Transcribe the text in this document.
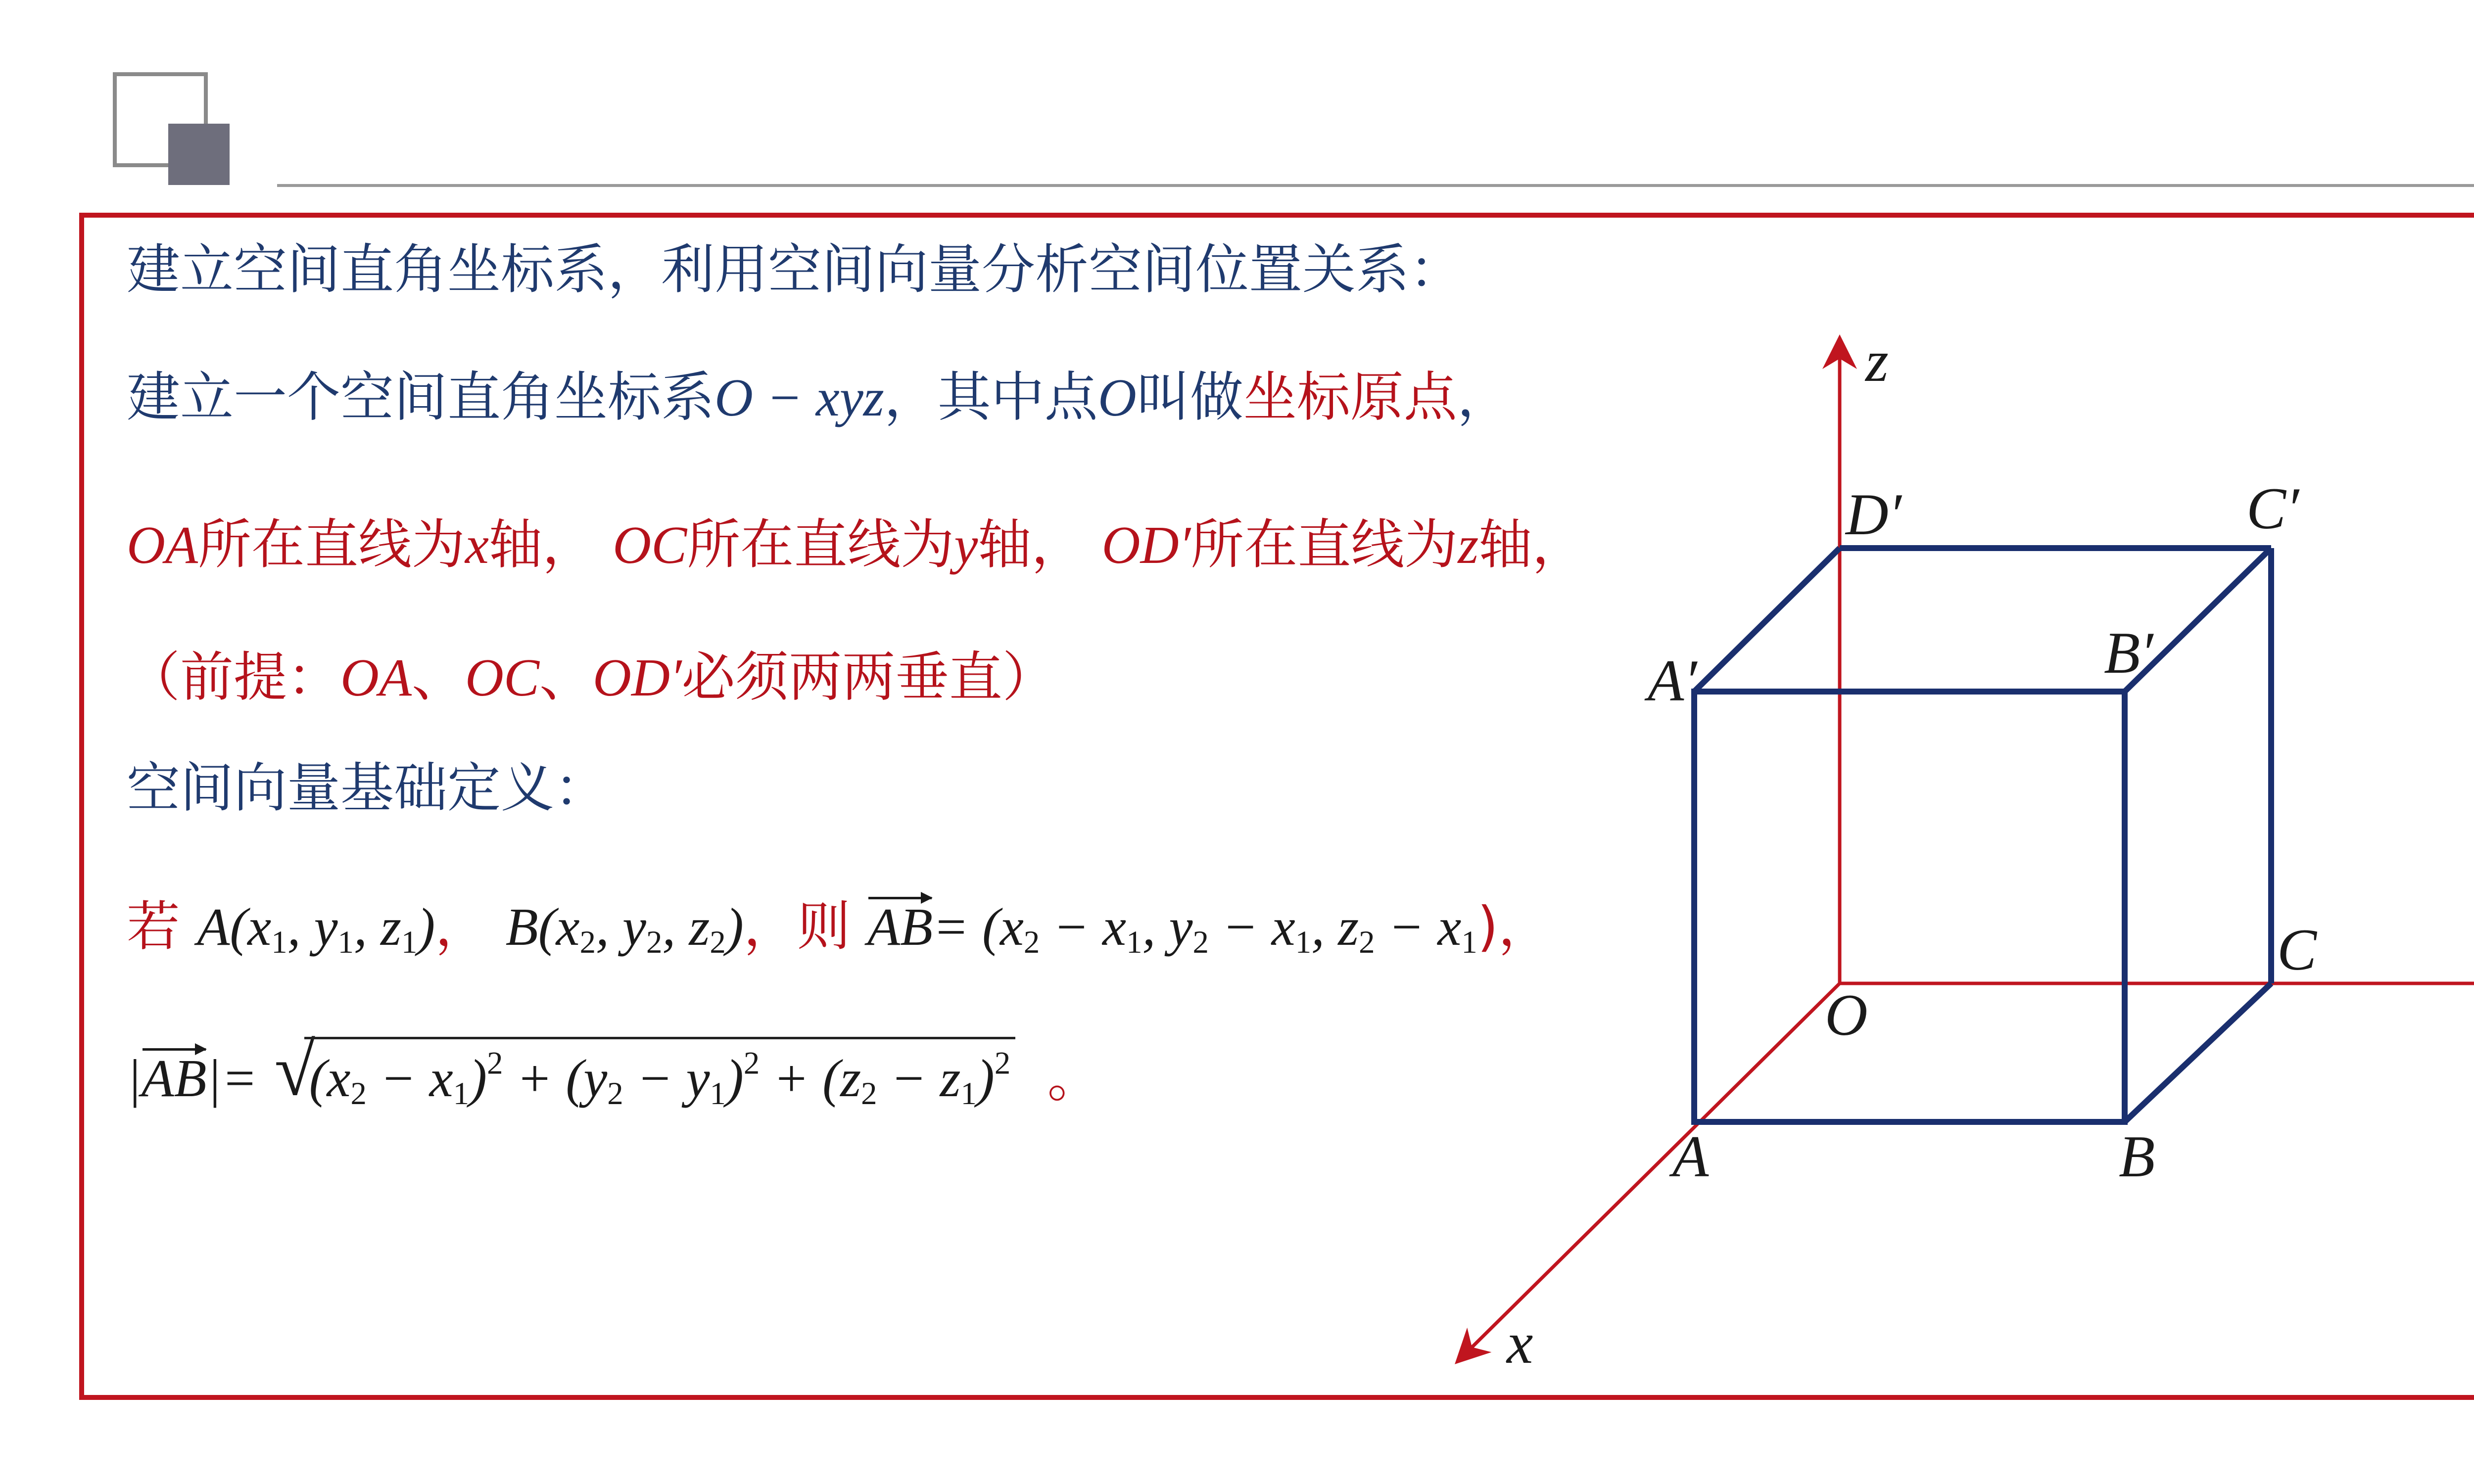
建立空间直角坐标系，利用空间向量分析空间位置关系：
建立一个空间直角坐标系O − xyz，其中点O叫做坐标原点，
OA所在直线为x轴， OC所在直线为y轴， OD′所在直线为z轴，
（前提：OA、OC、OD′必须两两垂直）
空间向量基础定义：
若 $A(x_1$, $y_1$, $z_1$)， $B(x_2$, $y_2$, $z_2$)，则 $AB= (x_2 - x_1$, $y_2 - x_1$, $z_2 - x_1$)，
|AB|= √
$(x_2 - x_1)^2 + (y_2 - y_1)^2 + (z_2 - z_1)^2$ 。
z
x
O
A	B
C
A′	B′
C′
D′
